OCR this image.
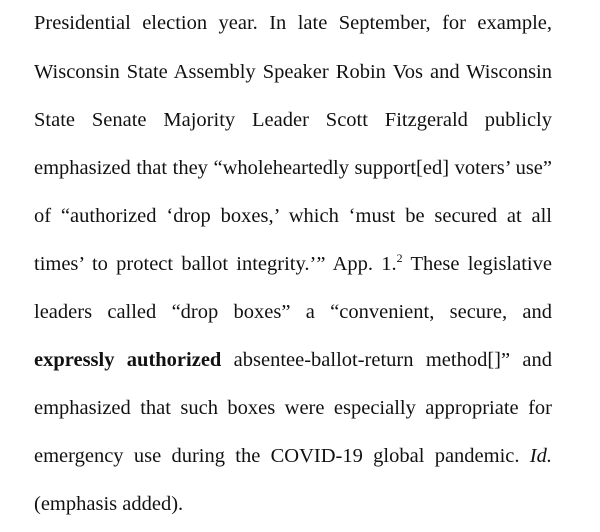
Presidential election year. In late September, for example,
Wisconsin State Assembly Speaker Robin Vos and Wisconsin
State Senate Majority Leader Scott Fitzgerald publicly
emphasized that they “wholeheartedly support[ed] voters’ use”
of “authorized ‘drop boxes,’ which ‘must be secured at all
times’ to protect ballot integrity.’” App. 1.$^2$ These legislative
leaders called “drop boxes” a “convenient, secure, and
expressly authorized absentee-ballot-return method[]” and
emphasized that such boxes were especially appropriate for
emergency use during the COVID-19 global pandemic. Id.
(emphasis added).
